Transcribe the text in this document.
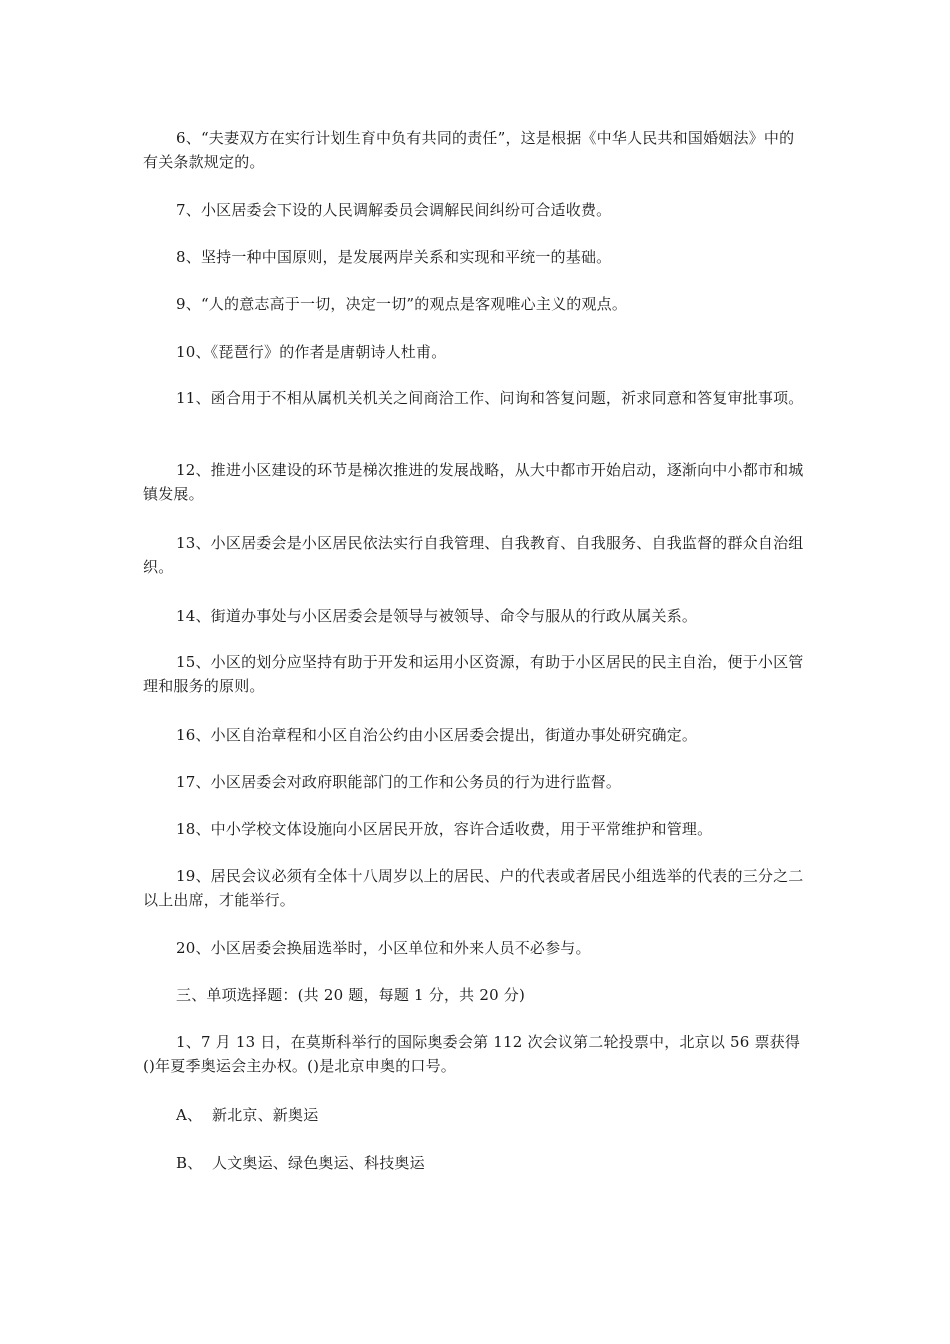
6、“夫妻双方在实行计划生育中负有共同的责任”，这是根据《中华人民共和国婚姻法》中的有关条款规定的。

7、小区居委会下设的人民调解委员会调解民间纠纷可合适收费。

8、坚持一种中国原则，是发展两岸关系和实现和平统一的基础。

9、“人的意志高于一切，决定一切”的观点是客观唯心主义的观点。

10、《琵琶行》的作者是唐朝诗人杜甫。

11、函合用于不相从属机关机关之间商洽工作、问询和答复问题，祈求同意和答复审批事项。

12、推进小区建设的环节是梯次推进的发展战略，从大中都市开始启动，逐渐向中小都市和城镇发展。

13、小区居委会是小区居民依法实行自我管理、自我教育、自我服务、自我监督的群众自治组织。

14、街道办事处与小区居委会是领导与被领导、命令与服从的行政从属关系。

15、小区的划分应坚持有助于开发和运用小区资源，有助于小区居民的民主自治，便于小区管理和服务的原则。

16、小区自治章程和小区自治公约由小区居委会提出，街道办事处研究确定。

17、小区居委会对政府职能部门的工作和公务员的行为进行监督。

18、中小学校文体设施向小区居民开放，容许合适收费，用于平常维护和管理。

19、居民会议必须有全体十八周岁以上的居民、户的代表或者居民小组选举的代表的三分之二以上出席，才能举行。

20、小区居委会换届选举时，小区单位和外来人员不必参与。

三、单项选择题：(共 20 题，每题 1 分，共 20 分)

1、7 月 13 日，在莫斯科举行的国际奥委会第 112 次会议第二轮投票中，北京以 56 票获得()年夏季奥运会主办权。()是北京申奥的口号。

A、 新北京、新奥运
B、 人文奥运、绿色奥运、科技奥运
